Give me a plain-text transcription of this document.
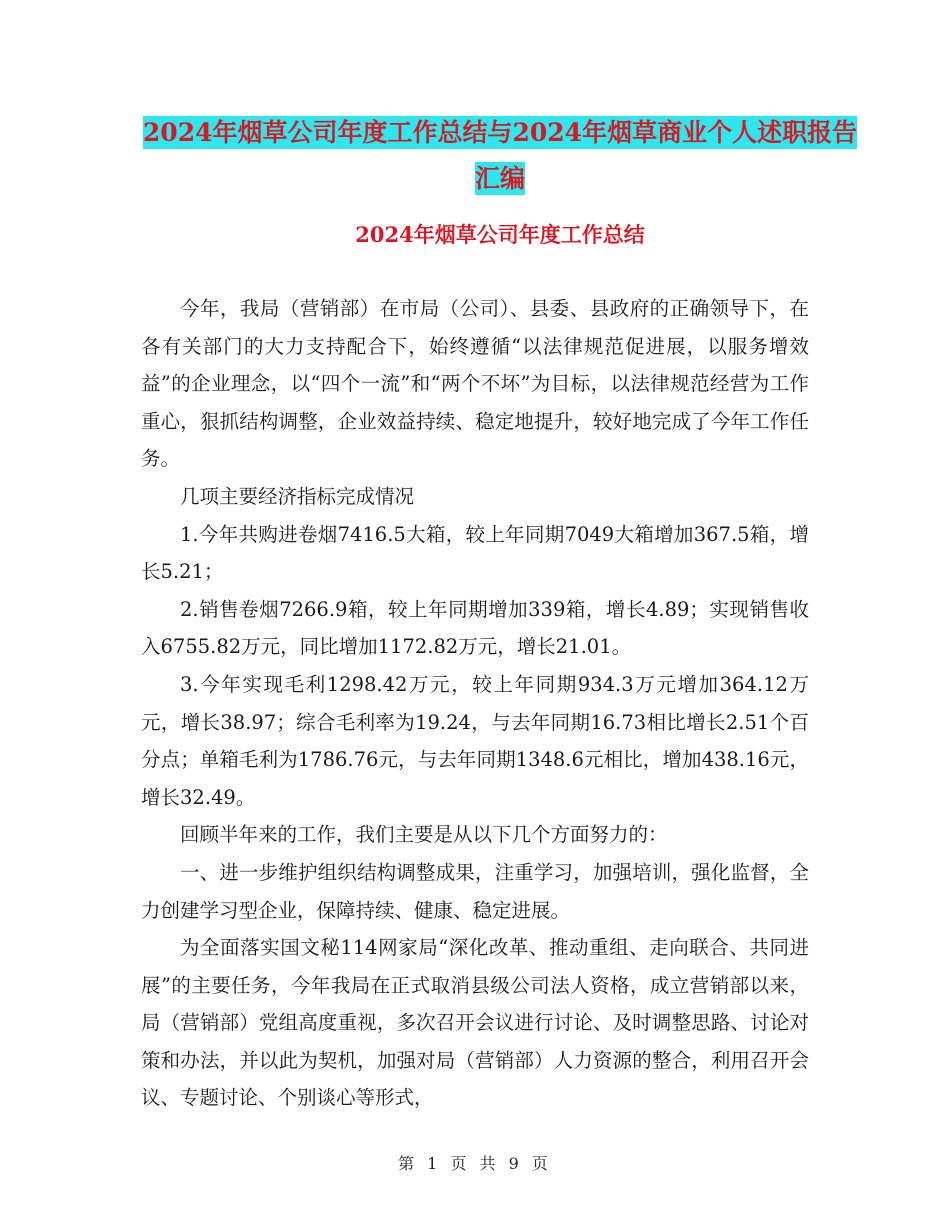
2024年烟草公司年度工作总结与2024年烟草商业个人述职报告汇编
2024年烟草公司年度工作总结

今年，我局（营销部）在市局（公司）、县委、县政府的正确领导下，在各有关部门的大力支持配合下，始终遵循“以法律规范促进展，以服务增效益”的企业理念，以“四个一流”和“两个不坏”为目标，以法律规范经营为工作重心，狠抓结构调整，企业效益持续、稳定地提升，较好地完成了今年工作任务。

几项主要经济指标完成情况

1.今年共购进卷烟7416.5大箱，较上年同期7049大箱增加367.5箱，增长5.21；

2.销售卷烟7266.9箱，较上年同期增加339箱，增长4.89；实现销售收入6755.82万元，同比增加1172.82万元，增长21.01。

3.今年实现毛利1298.42万元，较上年同期934.3万元增加364.12万元，增长38.97；综合毛利率为19.24，与去年同期16.73相比增长2.51个百分点；单箱毛利为1786.76元，与去年同期1348.6元相比，增加438.16元，增长32.49。

回顾半年来的工作，我们主要是从以下几个方面努力的：

一、进一步维护组织结构调整成果，注重学习，加强培训，强化监督，全力创建学习型企业，保障持续、健康、稳定进展。

为全面落实国文秘114网家局“深化改革、推动重组、走向联合、共同进展”的主要任务，今年我局在正式取消县级公司法人资格，成立营销部以来，局（营销部）党组高度重视，多次召开会议进行讨论、及时调整思路、讨论对策和办法，并以此为契机，加强对局（营销部）人力资源的整合，利用召开会议、专题讨论、个别谈心等形式，

第 1 页 共 9 页
